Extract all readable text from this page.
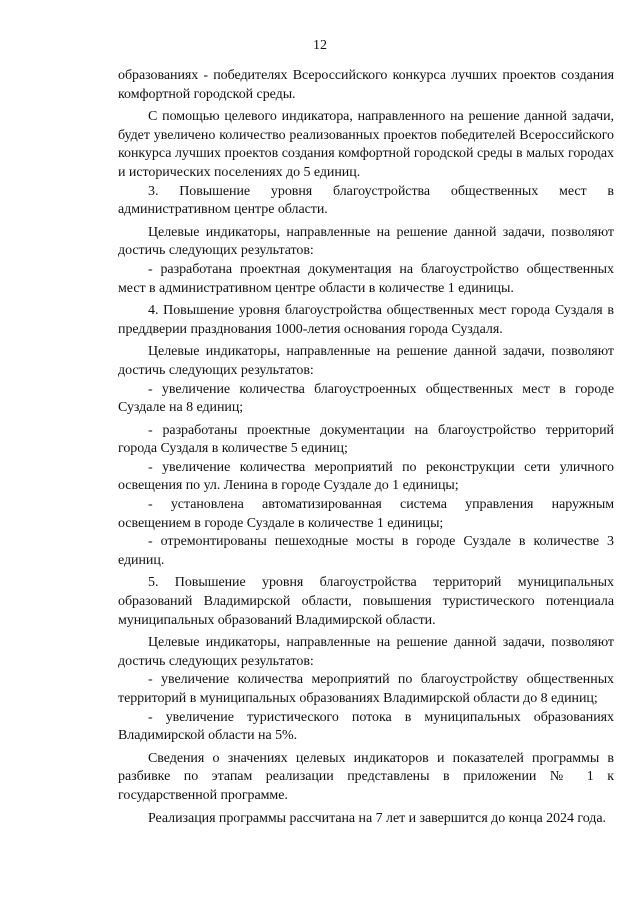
12

образованиях - победителях Всероссийского конкурса лучших проектов создания комфортной городской среды.

С помощью целевого индикатора, направленного на решение данной задачи, будет увеличено количество реализованных проектов победителей Всероссийского конкурса лучших проектов создания комфортной городской среды в малых городах и исторических поселениях до 5 единиц.

3. Повышение уровня благоустройства общественных мест в административном центре области.

Целевые индикаторы, направленные на решение данной задачи, позволяют достичь следующих результатов:

- разработана проектная документация на благоустройство общественных мест в административном центре области в количестве 1 единицы.

4. Повышение уровня благоустройства общественных мест города Суздаля в преддверии празднования 1000-летия основания города Суздаля.

Целевые индикаторы, направленные на решение данной задачи, позволяют достичь следующих результатов:

- увеличение количества благоустроенных общественных мест в городе Суздале на 8 единиц;

- разработаны проектные документации на благоустройство территорий города Суздаля в количестве 5 единиц;

- увеличение количества мероприятий по реконструкции сети уличного освещения по ул. Ленина в городе Суздале до 1 единицы;

- установлена автоматизированная система управления наружным освещением в городе Суздале в количестве 1 единицы;

- отремонтированы пешеходные мосты в городе Суздале в количестве 3 единиц.

5. Повышение уровня благоустройства территорий муниципальных образований Владимирской области, повышения туристического потенциала муниципальных образований Владимирской области.

Целевые индикаторы, направленные на решение данной задачи, позволяют достичь следующих результатов:

- увеличение количества мероприятий по благоустройству общественных территорий в муниципальных образованиях Владимирской области до 8 единиц;

- увеличение туристического потока в муниципальных образованиях Владимирской области на 5%.

Сведения о значениях целевых индикаторов и показателей программы в разбивке по этапам реализации представлены в приложении № 1 к государственной программе.

Реализация программы рассчитана на 7 лет и завершится до конца 2024 года.
